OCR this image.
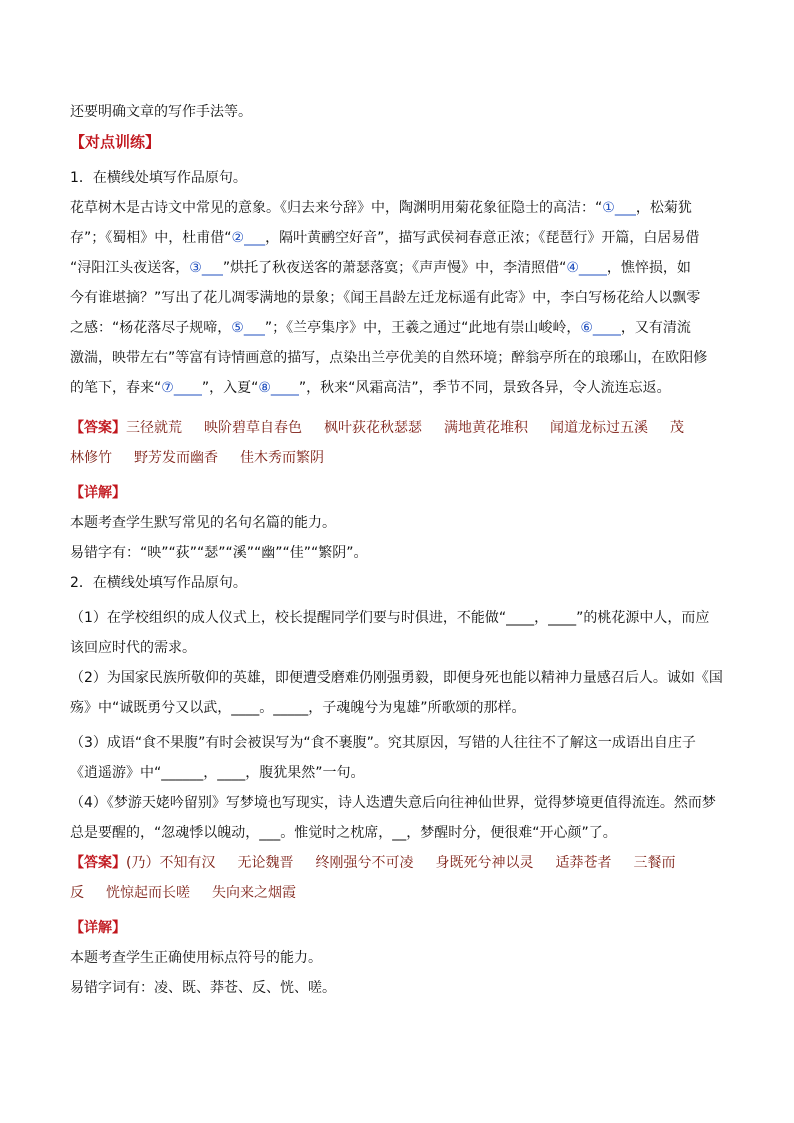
还要明确文章的写作手法等。

【对点训练】

1．在横线处填写作品原句。

花草树木是古诗文中常见的意象。《归去来兮辞》中，陶渊明用菊花象征隐士的高洁：“①___，松菊犹

存”；《蜀相》中，杜甫借“②___，隔叶黄鹂空好音”，描写武侯祠春意正浓；《琵琶行》开篇，白居易借

“浔阳江头夜送客，③___”烘托了秋夜送客的萧瑟落寞；《声声慢》中，李清照借“④____，憔悴损，如

今有谁堪摘？”写出了花儿凋零满地的景象；《闻王昌龄左迁龙标遥有此寄》中，李白写杨花给人以飘零

之感：“杨花落尽子规啼，⑤___”；《兰亭集序》中，王羲之通过“此地有崇山峻岭，⑥____，又有清流

激湍，映带左右”等富有诗情画意的描写，点染出兰亭优美的自然环境；醉翁亭所在的琅琊山，在欧阳修

的笔下，春来“⑦____”，入夏“⑧____”，秋来“风霜高洁”，季节不同，景致各异，令人流连忘返。

【答案】三径就荒 映阶碧草自春色 枫叶荻花秋瑟瑟 满地黄花堆积 闻道龙标过五溪 茂

林修竹 野芳发而幽香 佳木秀而繁阴

【详解】

本题考查学生默写常见的名句名篇的能力。

易错字有：“映”“荻”“瑟”“溪”“幽”“佳”“繁阴”。

2．在横线处填写作品原句。

（1）在学校组织的成人仪式上，校长提醒同学们要与时俱进，不能做“____，____”的桃花源中人，而应

该回应时代的需求。

（2）为国家民族所敬仰的英雄，即便遭受磨难仍刚强勇毅，即便身死也能以精神力量感召后人。诚如《国

殇》中“诚既勇兮又以武，____。_____，子魂魄兮为鬼雄”所歌颂的那样。

（3）成语“食不果腹”有时会被误写为“食不裹腹”。究其原因，写错的人往往不了解这一成语出自庄子

《逍遥游》中“______，____，腹犹果然”一句。

（4）《梦游天姥吟留别》写梦境也写现实，诗人迭遭失意后向往神仙世界，觉得梦境更值得流连。然而梦

总是要醒的，“忽魂悸以魄动，___。惟觉时之枕席，__，梦醒时分，便很难“开心颜”了。

【答案】(乃）不知有汉 无论魏晋 终刚强兮不可凌 身既死兮神以灵 适莽苍者 三餐而

反 恍惊起而长嗟 失向来之烟霞

【详解】

本题考查学生正确使用标点符号的能力。

易错字词有：凌、既、莽苍、反、恍、嗟。
